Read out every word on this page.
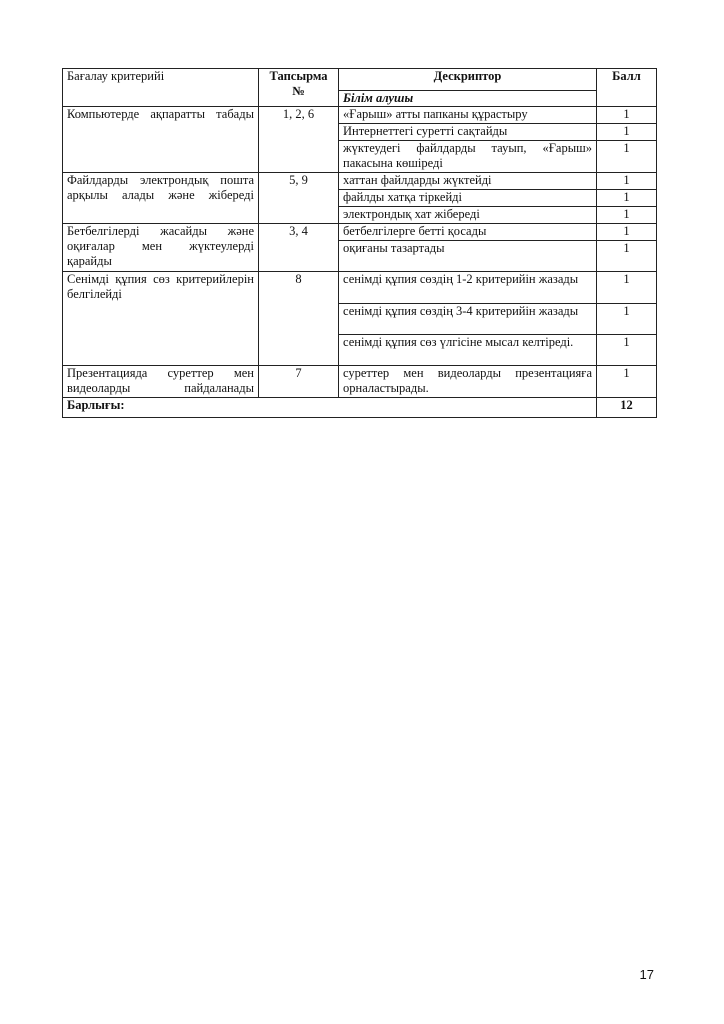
Бағалау критерийі	Тапсырма №	Дескриптор	Балл
		Білім алушы	
Компьютерде ақпаратты табады	1, 2, 6	«Ғарыш» атты папканы құрастыру	1
		Интернеттегі суретті сақтайды	1
		жүктеудегі файлдарды тауып, «Ғарыш» пакасына көшіреді	1
Файлдарды электрондық пошта арқылы алады және жібереді	5, 9	хаттан файлдарды жүктейді	1
		файлды хатқа тіркейді	1
		электрондық хат жібереді	1
Бетбелгілерді жасайды және оқиғалар мен жүктеулерді қарайды	3, 4	бетбелгілерге бетті қосады	1
		оқиғаны тазартады	1
Сенімді құпия сөз критерийлерін белгілейді	8	сенімді құпия сөздің 1-2 критерийін жазады	1
		сенімді құпия сөздің 3-4 критерийін жазады	1
		сенімді құпия сөз үлгісіне мысал келтіреді.	1
Презентацияда суреттер мен видеоларды пайдаланады	7	суреттер мен видеоларды презентацияға орналастырады.	1
Барлығы:			12
17
